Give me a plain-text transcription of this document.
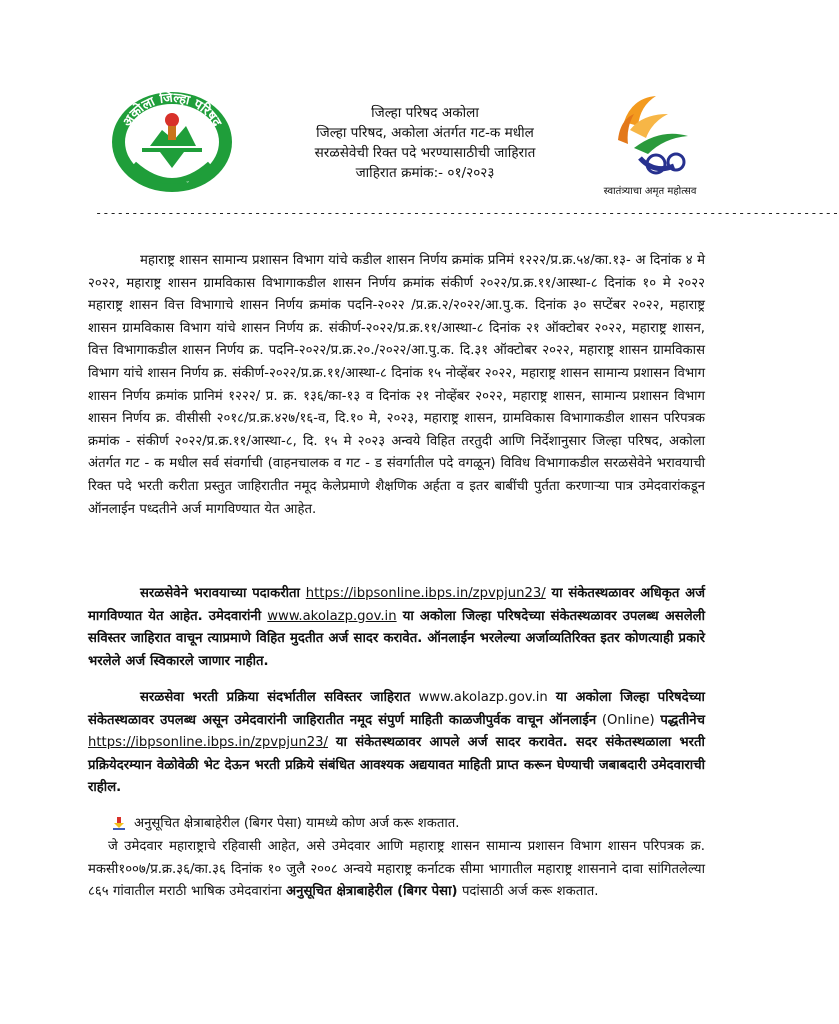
अकोला जिल्हा परिषद
ग्रामविकासाची अमृत धारा
जिल्हा परिषद अकोला
जिल्हा परिषद, अकोला अंतर्गत गट-क मधील
सरळसेवेची रिक्त पदे भरण्यासाठीची जाहिरात
जाहिरात क्रमांक:- ०१/२०२३
स्वातंत्र्याचा अमृत महोत्सव
-------------------------------------------------------------------------------------------------------
महाराष्ट्र शासन सामान्य प्रशासन विभाग यांचे कडील शासन निर्णय क्रमांक प्रनिमं १२२२/प्र.क्र.५४/का.१३- अ दिनांक ४ मे २०२२, महाराष्ट्र शासन ग्रामविकास विभागाकडील शासन निर्णय क्रमांक संकीर्ण २०२२/प्र.क्र.११/आस्था-८ दिनांक १० मे २०२२ महाराष्ट्र शासन वित्त विभागाचे शासन निर्णय क्रमांक पदनि-२०२२ /प्र.क्र.२/२०२२/आ.पु.क. दिनांक ३० सप्टेंबर २०२२, महाराष्ट्र शासन ग्रामविकास विभाग यांचे शासन निर्णय क्र. संकीर्ण-२०२२/प्र.क्र.११/आस्था-८ दिनांक २१ ऑक्टोबर २०२२, महाराष्ट्र शासन, वित्त विभागाकडील शासन निर्णय क्र. पदनि-२०२२/प्र.क्र.२०./२०२२/आ.पु.क. दि.३१ ऑक्टोबर २०२२, महाराष्ट्र शासन ग्रामविकास विभाग यांचे शासन निर्णय क्र. संकीर्ण-२०२२/प्र.क्र.११/आस्था-८ दिनांक १५ नोव्हेंबर २०२२, महाराष्ट्र शासन सामान्य प्रशासन विभाग शासन निर्णय क्रमांक प्रानिमं १२२२/ प्र. क्र. १३६/का-१३ व दिनांक २१ नोव्हेंबर २०२२, महाराष्ट्र शासन, सामान्य प्रशासन विभाग शासन निर्णय क्र. वीसीसी २०१८/प्र.क्र.४२७/१६-व, दि.१० मे, २०२३, महाराष्ट्र शासन, ग्रामविकास विभागाकडील शासन परिपत्रक क्रमांक - संकीर्ण २०२२/प्र.क्र.११/आस्था-८, दि. १५ मे २०२३ अन्वये विहित तरतुदी आणि निर्देशानुसार जिल्हा परिषद, अकोला अंतर्गत गट - क मधील सर्व संवर्गाची (वाहनचालक व गट - ड संवर्गातील पदे वगळून) विविध विभागाकडील सरळसेवेने भरावयाची रिक्त पदे भरती करीता प्रस्तुत जाहिरातीत नमूद केलेप्रमाणे शैक्षणिक अर्हता व इतर बाबींची पुर्तता करणाऱ्या पात्र उमेदवारांकडून ऑनलाईन पध्दतीने अर्ज मागविण्यात येत आहेत.
सरळसेवेने भरावयाच्या पदाकरीता https://ibpsonline.ibps.in/zpvpjun23/ या संकेतस्थळावर अधिकृत अर्ज मागविण्यात येत आहेत. उमेदवारांनी www.akolazp.gov.in या अकोला जिल्हा परिषदेच्या संकेतस्थळावर उपलब्ध असलेली सविस्तर जाहिरात वाचून त्याप्रमाणे विहित मुदतीत अर्ज सादर करावेत. ऑनलाईन भरलेल्या अर्जाव्यतिरिक्त इतर कोणत्याही प्रकारे भरलेले अर्ज स्विकारले जाणार नाहीत.
सरळसेवा भरती प्रक्रिया संदर्भातील सविस्तर जाहिरात www.akolazp.gov.in या अकोला जिल्हा परिषदेच्या संकेतस्थळावर उपलब्ध असून उमेदवारांनी जाहिरातीत नमूद संपुर्ण माहिती काळजीपुर्वक वाचून ऑनलाईन (Online) पद्धतीनेच https://ibpsonline.ibps.in/zpvpjun23/ या संकेतस्थळावर आपले अर्ज सादर करावेत. सदर संकेतस्थळाला भरती प्रक्रियेदरम्यान वेळोवेळी भेट देऊन भरती प्रक्रिये संबंधित आवश्यक अद्ययावत माहिती प्राप्त करून घेण्याची जबाबदारी उमेदवाराची राहील.
अनुसूचित क्षेत्राबाहेरील (बिगर पेसा) यामध्ये कोण अर्ज करू शकतात.
जे उमेदवार महाराष्ट्राचे रहिवासी आहेत, असे उमेदवार आणि महाराष्ट्र शासन सामान्य प्रशासन विभाग शासन परिपत्रक क्र. मकसी१००७/प्र.क्र.३६/का.३६ दिनांक १० जुलै २००८ अन्वये महाराष्ट्र कर्नाटक सीमा भागातील महाराष्ट्र शासनाने दावा सांगितलेल्या ८६५ गांवातील मराठी भाषिक उमेदवारांना अनुसूचित क्षेत्राबाहेरील (बिगर पेसा) पदांसाठी अर्ज करू शकतात.
